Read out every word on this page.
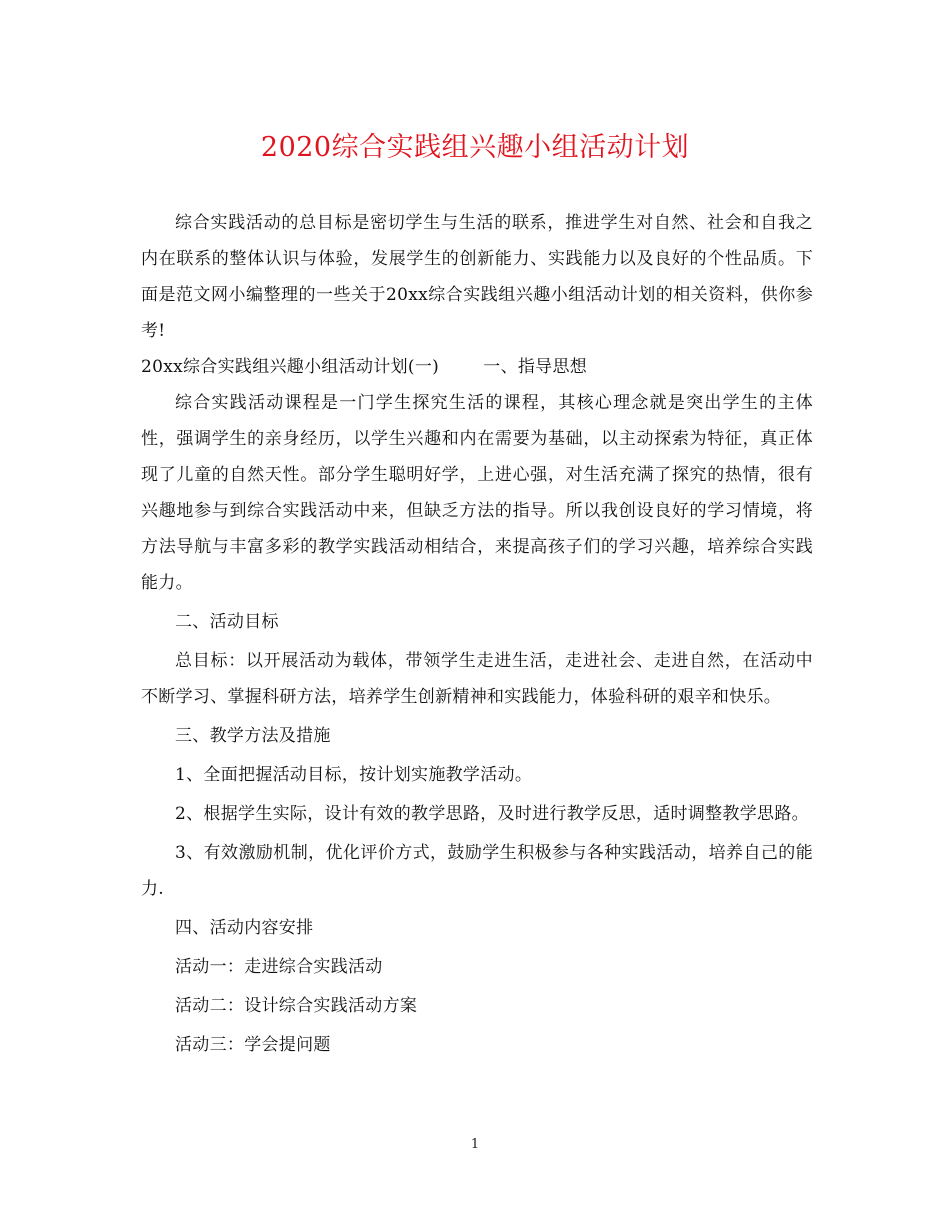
2020综合实践组兴趣小组活动计划

综合实践活动的总目标是密切学生与生活的联系，推进学生对自然、社会和自我之内在联系的整体认识与体验，发展学生的创新能力、实践能力以及良好的个性品质。下面是范文网小编整理的一些关于20xx综合实践组兴趣小组活动计划的相关资料，供你参考!

20xx综合实践组兴趣小组活动计划(一)	一、指导思想

综合实践活动课程是一门学生探究生活的课程，其核心理念就是突出学生的主体性，强调学生的亲身经历，以学生兴趣和内在需要为基础，以主动探索为特征，真正体现了儿童的自然天性。部分学生聪明好学，上进心强，对生活充满了探究的热情，很有兴趣地参与到综合实践活动中来，但缺乏方法的指导。所以我创设良好的学习情境，将方法导航与丰富多彩的教学实践活动相结合，来提高孩子们的学习兴趣，培养综合实践能力。

二、活动目标

总目标：以开展活动为载体，带领学生走进生活，走进社会、走进自然，在活动中不断学习、掌握科研方法，培养学生创新精神和实践能力，体验科研的艰辛和快乐。

三、教学方法及措施

1、全面把握活动目标，按计划实施教学活动。

2、根据学生实际，设计有效的教学思路，及时进行教学反思，适时调整教学思路。

3、有效激励机制，优化评价方式，鼓励学生积极参与各种实践活动，培养自己的能力.

四、活动内容安排

活动一：走进综合实践活动

活动二：设计综合实践活动方案

活动三：学会提问题

1
